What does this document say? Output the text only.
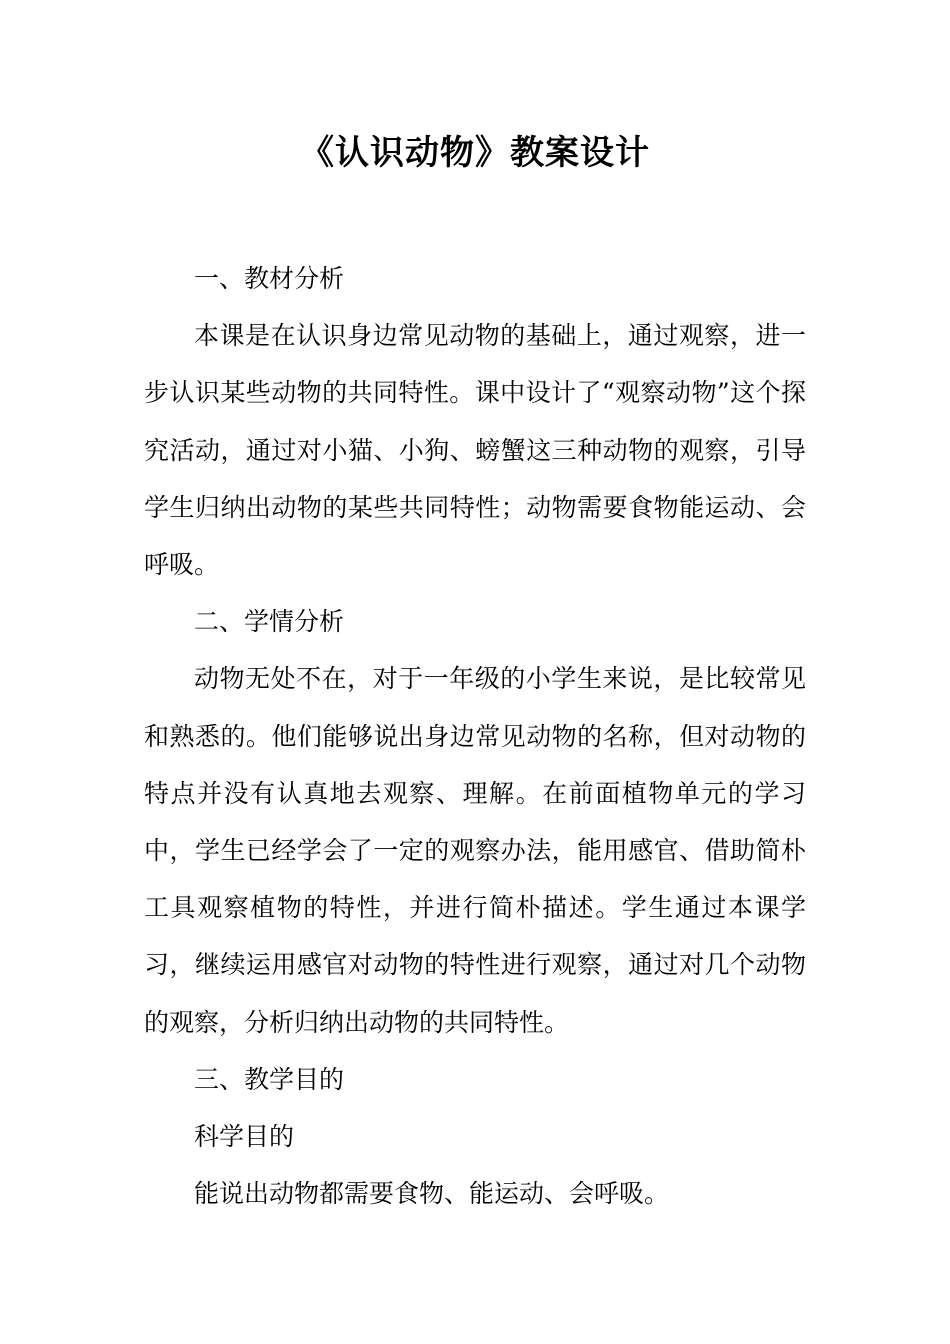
《认识动物》教案设计

一、教材分析

本课是在认识身边常见动物的基础上，通过观察，进一步认识某些动物的共同特性。课中设计了“观察动物”这个探究活动，通过对小猫、小狗、螃蟹这三种动物的观察，引导学生归纳出动物的某些共同特性；动物需要食物能运动、会呼吸。

二、学情分析

动物无处不在，对于一年级的小学生来说，是比较常见和熟悉的。他们能够说出身边常见动物的名称，但对动物的特点并没有认真地去观察、理解。在前面植物单元的学习中，学生已经学会了一定的观察办法，能用感官、借助简朴工具观察植物的特性，并进行简朴描述。学生通过本课学习，继续运用感官对动物的特性进行观察，通过对几个动物的观察，分析归纳出动物的共同特性。

三、教学目的

科学目的

能说出动物都需要食物、能运动、会呼吸。
